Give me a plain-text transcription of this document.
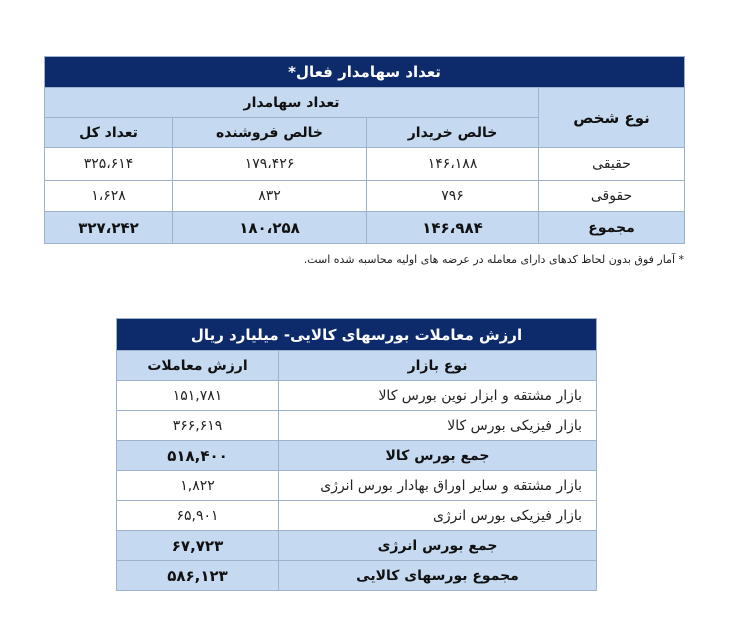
تعداد سهامدار فعال*			
نوع شخص	تعداد سهامدار		
	خالص خریدار	خالص فروشنده	تعداد کل
حقیقی	۱۴۶،۱۸۸	۱۷۹،۴۲۶	۳۲۵،۶۱۴
حقوقی	۷۹۶	۸۳۲	۱،۶۲۸
مجموع	۱۴۶،۹۸۴	۱۸۰،۲۵۸	۳۲۷،۲۴۲
* آمار فوق بدون لحاظ کدهای دارای معامله در عرضه های اولیه محاسبه شده است.
ارزش معاملات بورسهای کالایی- میلیارد ریال	
نوع بازار	ارزش معاملات
بازار مشتقه و ابزار نوین بورس کالا	۱۵۱,۷۸۱
بازار فیزیکی بورس کالا	۳۶۶,۶۱۹
جمع بورس کالا	۵۱۸,۴۰۰
بازار مشتقه و سایر اوراق بهادار بورس انرژی	۱,۸۲۲
بازار فیزیکی بورس انرژی	۶۵,۹۰۱
جمع بورس انرژی	۶۷,۷۲۳
مجموع بورسهای کالایی	۵۸۶,۱۲۳
